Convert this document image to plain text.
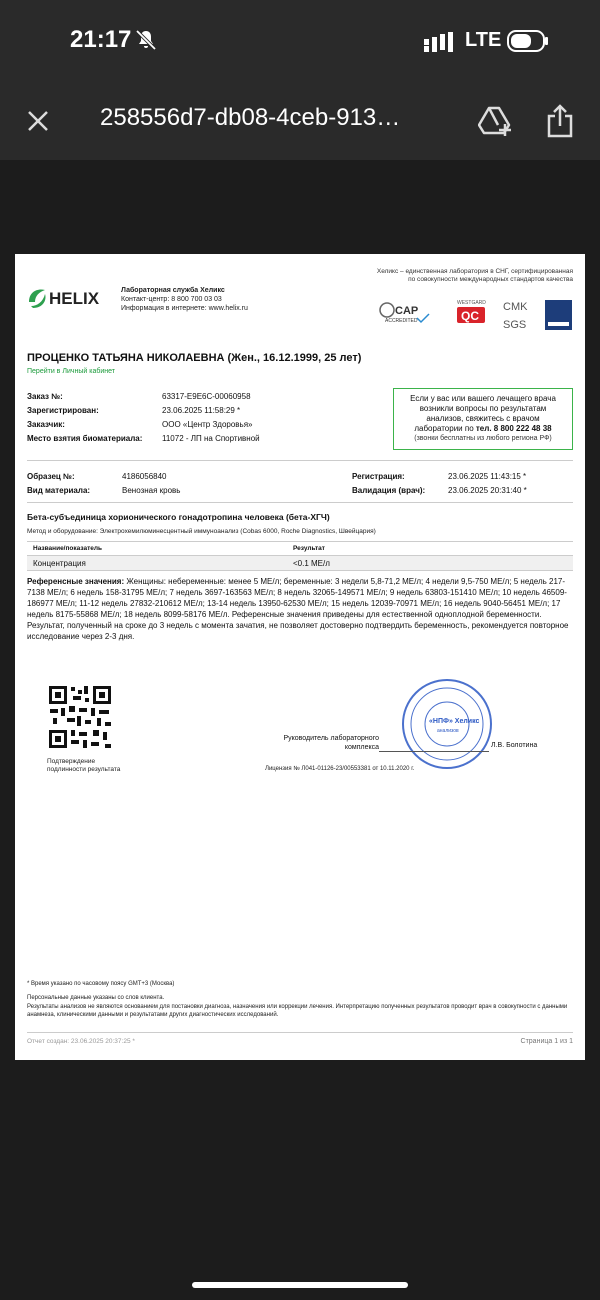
21:17	LTE
258556d7-db08-4ceb-913…
HELIX	Лабораторная служба Хеликс
Контакт-центр: 8 800 700 03 03
Информация в интернете: www.helix.ru
Хеликс – единственная лаборатория в СНГ, сертифицированная по совокупности международных стандартов качества
CAP
ACCREDITED
WESTGARD
QC
CMK
SGS
ПРОЦЕНКО ТАТЬЯНА НИКОЛАЕВНА (Жен., 16.12.1999, 25 лет)
Перейти в Личный кабинет
Заказ №:	63317-E9E6C-00060958
Зарегистрирован:	23.06.2025 11:58:29 *
Заказчик:	ООО «Центр Здоровья»
Место взятия биоматериала:	11072 - ЛП на Спортивной
Если у вас или вашего лечащего врача
возникли вопросы по результатам
анализов, свяжитесь с врачом
лаборатории по тел. 8 800 222 48 38
(звонки бесплатны из любого региона РФ)
Образец №:	4186056840	Регистрация:	23.06.2025 11:43:15 *
Вид материала:	Венозная кровь	Валидация (врач):	23.06.2025 20:31:40 *
Бета-субъединица хорионического гонадотропина человека (бета-ХГЧ)
Метод и оборудование: Электрохемилюминесцентный иммуноанализ (Cobas 6000, Roche Diagnostics, Швейцария)
Название/показатель	Результат
Концентрация	<0.1 МЕ/л
Референсные значения: Женщины: небеременные: менее 5 МЕ/л; беременные: 3 недели 5,8-71,2 МЕ/л; 4 недели 9,5-750 МЕ/л; 5 недель 217-7138 МЕ/л; 6 недель 158-31795 МЕ/л; 7 недель 3697-163563 МЕ/л; 8 недель 32065-149571 МЕ/л; 9 недель 63803-151410 МЕ/л; 10 недель 46509-186977 МЕ/л; 11-12 недель 27832-210612 МЕ/л; 13-14 недель 13950-62530 МЕ/л; 15 недель 12039-70971 МЕ/л; 16 недель 9040-56451 МЕ/л; 17 недель 8175-55868 МЕ/л; 18 недель 8099-58176 МЕ/л. Референсные значения приведены для естественной одноплодной беременности. Результат, полученный на сроке до 3 недель с момента зачатия, не позволяет достоверно подтвердить беременность, рекомендуется повторное исследование через 2-3 дня.
Подтверждение
подлинности результата
«НПФ» Хеликс
анализов
Руководитель лабораторного
комплекса	Л.В. Болотина
Лицензия № Л041-01126-23/00553381 от 10.11.2020 г.

* Время указано по часовому поясу GMT+3 (Москва)

Персональные данные указаны со слов клиента.

Результаты анализов не являются основанием для постановки диагноза, назначения или коррекции лечения. Интерпретацию полученных результатов проводит врач в совокупности с данными анамнеза, клиническими данными и результатами других диагностических исследований.

Отчет создан: 23.06.2025 20:37:25 *	Страница 1 из 1
